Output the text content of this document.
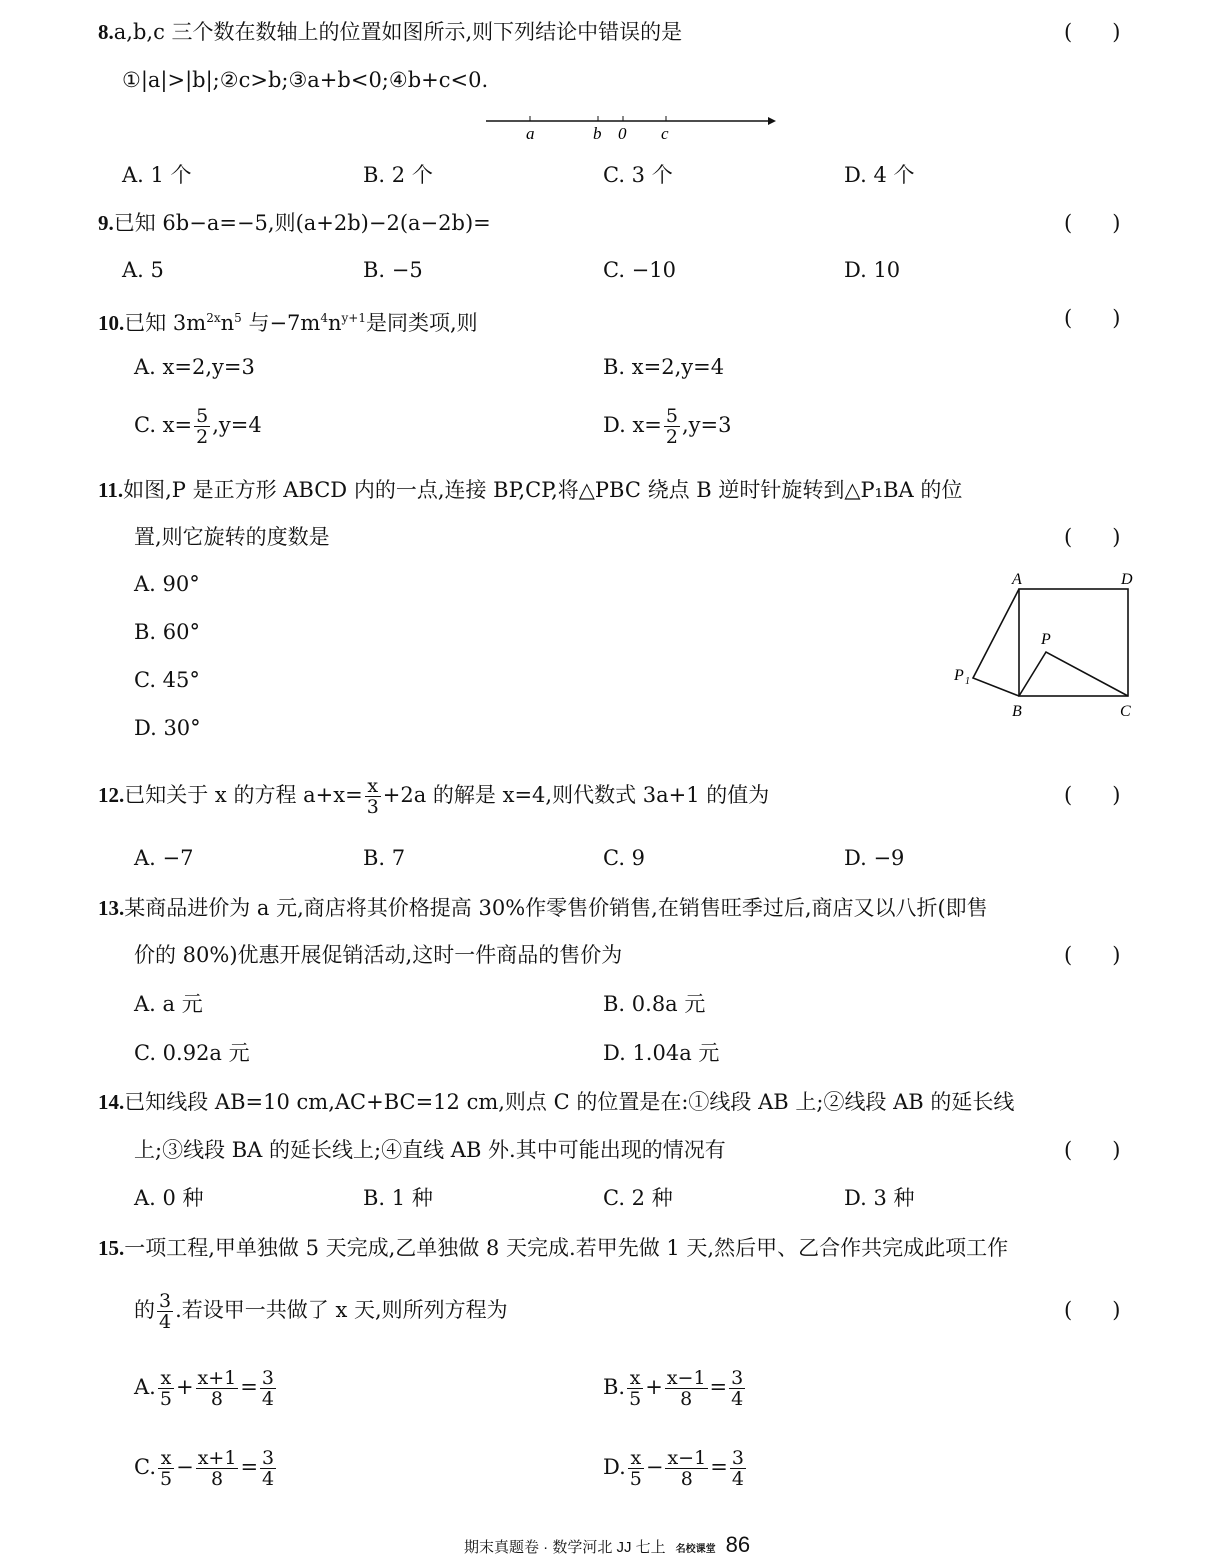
8.a,b,c 三个数在数轴上的位置如图所示,则下列结论中错误的是	(      )
①|a|>|b|;②c>b;③a+b<0;④b+c<0.
a	b 0 c
A. 1 个	B. 2 个	C. 3 个	D. 4 个
9.已知 6b−a=−5,则(a+2b)−2(a−2b)=	(      )
A. 5	B. −5	C. −10	D. 10
10.已知 $3m^{2x}n^5$ 与$-7m^4n^{y+1}$是同类项,则	(      )
A. x=2,y=3	B. x=2,y=4
C. $x= \frac{5}{2} ,y=4$	D. $x= \frac{5}{2} ,y=3$
11.如图,P 是正方形 ABCD 内的一点,连接 BP,CP,将△PBC 绕点 B 逆时针旋转到△P₁BA 的位
置,则它旋转的度数是	(      )
A. 90°
B. 60°
C. 45°
D. 30°
A	D
P
P 1
B	C
12.已知关于 x 的方程 $a+x= \frac{x}{3} +2a$ 的解是 x=4,则代数式 3a+1 的值为	(      )
A. −7	B. 7	C. 9	D. −9
13.某商品进价为 a 元,商店将其价格提高 30%作零售价销售,在销售旺季过后,商店又以八折(即售
价的 80%)优惠开展促销活动,这时一件商品的售价为	(      )
A. a 元	B. 0.8a 元
C. 0.92a 元	D. 1.04a 元
14.已知线段 AB=10 cm,AC+BC=12 cm,则点 C 的位置是在:①线段 AB 上;②线段 AB 的延长线
上;③线段 BA 的延长线上;④直线 AB 外.其中可能出现的情况有	(      )
A. 0 种	B. 1 种	C. 2 种	D. 3 种
15.一项工程,甲单独做 5 天完成,乙单独做 8 天完成.若甲先做 1 天,然后甲、乙合作共完成此项工作
的 $\frac{3}{4}$ .若设甲一共做了 x 天,则所列方程为	(      )
A. $\frac{x}{5} + \frac{x+1}{8} = \frac{3}{4}$	B. $\frac{x}{5} + \frac{x-1}{8} = \frac{3}{4}$
C. $\frac{x}{5} - \frac{x+1}{8} = \frac{3}{4}$	D. $\frac{x}{5} - \frac{x-1}{8} = \frac{3}{4}$
期末真题卷 · 数学河北 JJ 七上 名校课堂 86
